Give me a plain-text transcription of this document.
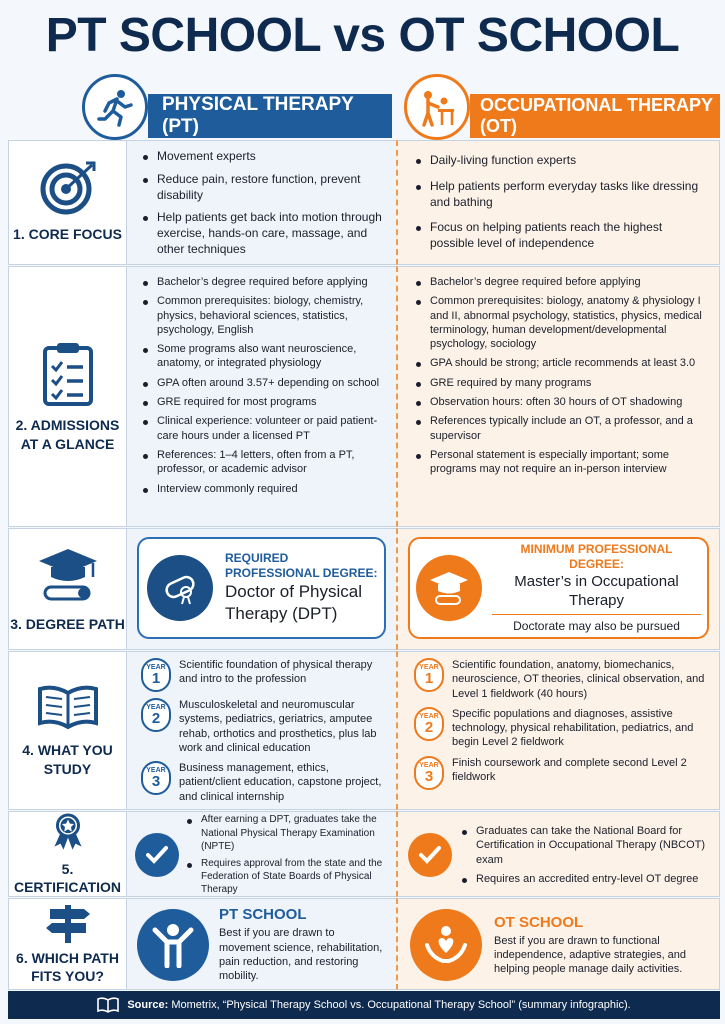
PT SCHOOL vs OT SCHOOL
PHYSICAL THERAPY (PT)
OCCUPATIONAL THERAPY (OT)
1. CORE FOCUS
Movement experts
Reduce pain, restore function, prevent disability
Help patients get back into motion through exercise, hands-on care, massage, and other techniques
Daily-living function experts
Help patients perform everyday tasks like dressing and bathing
Focus on helping patients reach the highest possible level of independence
2. ADMISSIONS AT A GLANCE
Bachelor’s degree required before applying
Common prerequisites: biology, chemistry, physics, behavioral sciences, statistics, psychology, English
Some programs also want neuroscience, anatomy, or integrated physiology
GPA often around 3.57+ depending on school
GRE required for most programs
Clinical experience: volunteer or paid patient-care hours under a licensed PT
References: 1–4 letters, often from a PT, professor, or academic advisor
Interview commonly required
Bachelor’s degree required before applying
Common prerequisites: biology, anatomy & physiology I and II, abnormal psychology, statistics, physics, medical terminology, human development/developmental psychology, sociology
GPA should be strong; article recommends at least 3.0
GRE required by many programs
Observation hours: often 30 hours of OT shadowing
References typically include an OT, a professor, and a supervisor
Personal statement is especially important; some programs may not require an in-person interview
3. DEGREE PATH
REQUIRED PROFESSIONAL DEGREE:
Doctor of Physical Therapy (DPT)
MINIMUM PROFESSIONAL DEGREE:
Master’s in Occupational Therapy
Doctorate may also be pursued
4. WHAT YOU STUDY
YEAR
1
Scientific foundation of physical therapy and intro to the profession
YEAR
2
Musculoskeletal and neuromuscular systems, pediatrics, geriatrics, amputee rehab, orthotics and prosthetics, plus lab work and clinical education
YEAR
3
Business management, ethics, patient/client education, capstone project, and clinical internship
YEAR
1
Scientific foundation, anatomy, biomechanics, neuroscience, OT theories, clinical observation, and Level 1 fieldwork (40 hours)
YEAR
2
Specific populations and diagnoses, assistive technology, physical rehabilitation, pediatrics, and begin Level 2 fieldwork
YEAR
3
Finish coursework and complete second Level 2 fieldwork
5. CERTIFICATION
After earning a DPT, graduates take the National Physical Therapy Examination (NPTE)
Requires approval from the state and the Federation of State Boards of Physical Therapy
Graduates can take the National Board for Certification in Occupational Therapy (NBCOT) exam
Requires an accredited entry-level OT degree
6. WHICH PATH FITS YOU?
PT SCHOOL
Best if you are drawn to movement science, rehabilitation, pain reduction, and restoring mobility.
OT SCHOOL
Best if you are drawn to functional independence, adaptive strategies, and helping people manage daily activities.
Source: Mometrix, “Physical Therapy School vs. Occupational Therapy School” (summary infographic).
